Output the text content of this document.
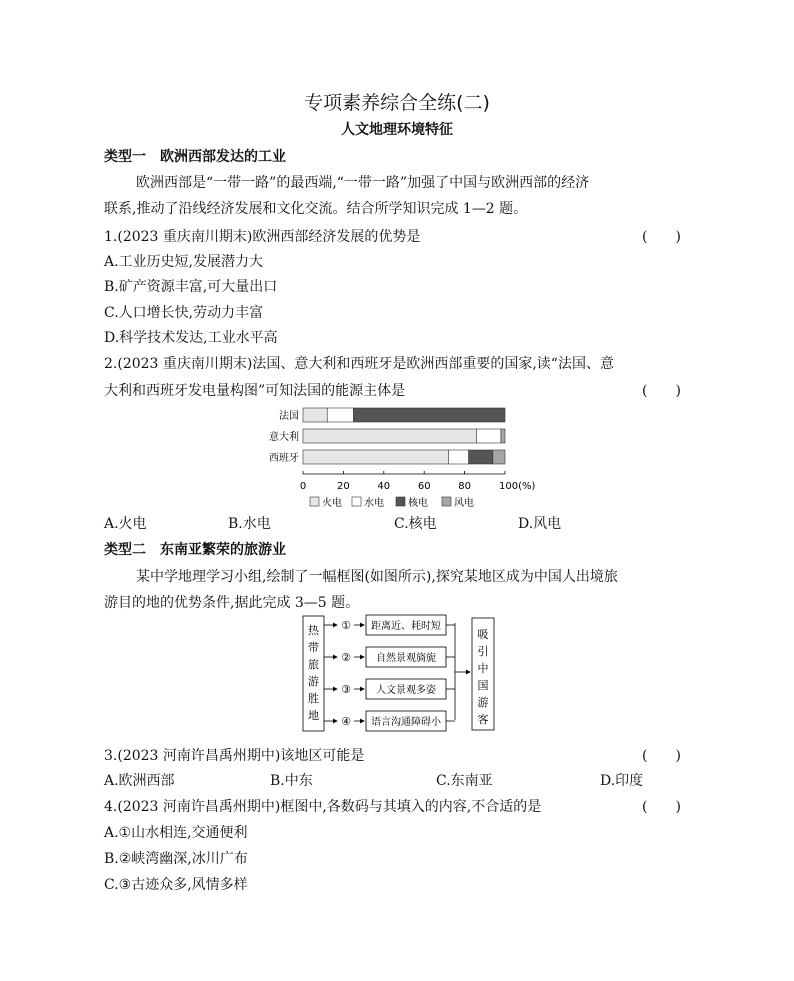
专项素养综合全练(二)
人文地理环境特征
类型一　欧洲西部发达的工业
欧洲西部是“一带一路”的最西端,“一带一路”加强了中国与欧洲西部的经济
联系,推动了沿线经济发展和文化交流。结合所学知识完成 1—2 题。
1.(2023 重庆南川期末)欧洲西部经济发展的优势是	(　　)
A.工业历史短,发展潜力大
B.矿产资源丰富,可大量出口
C.人口增长快,劳动力丰富
D.科学技术发达,工业水平高
2.(2023 重庆南川期末)法国、意大利和西班牙是欧洲西部重要的国家,读“法国、意
大利和西班牙发电量构图”可知法国的能源主体是	(　　)
法国
意大利
西班牙
0	20	40	60	80	100(%)
火电 水电 核电	风电
A.火电	B.水电	C.核电	D.风电
类型二　东南亚繁荣的旅游业
某中学地理学习小组,绘制了一幅框图(如图所示),探究某地区成为中国人出境旅
游目的地的优势条件,据此完成 3—5 题。
热
带
旅
游
胜
地
① 距离近、耗时短
②	自然景观旖旎
③	人文景观多姿
④ 语言沟通障碍小
吸
引
中
国
游
客
3.(2023 河南许昌禹州期中)该地区可能是	(　　)
A.欧洲西部	B.中东	C.东南亚	D.印度
4.(2023 河南许昌禹州期中)框图中,各数码与其填入的内容,不合适的是	(　　)
A.①山水相连,交通便利
B.②峡湾幽深,冰川广布
C.③古迹众多,风情多样
